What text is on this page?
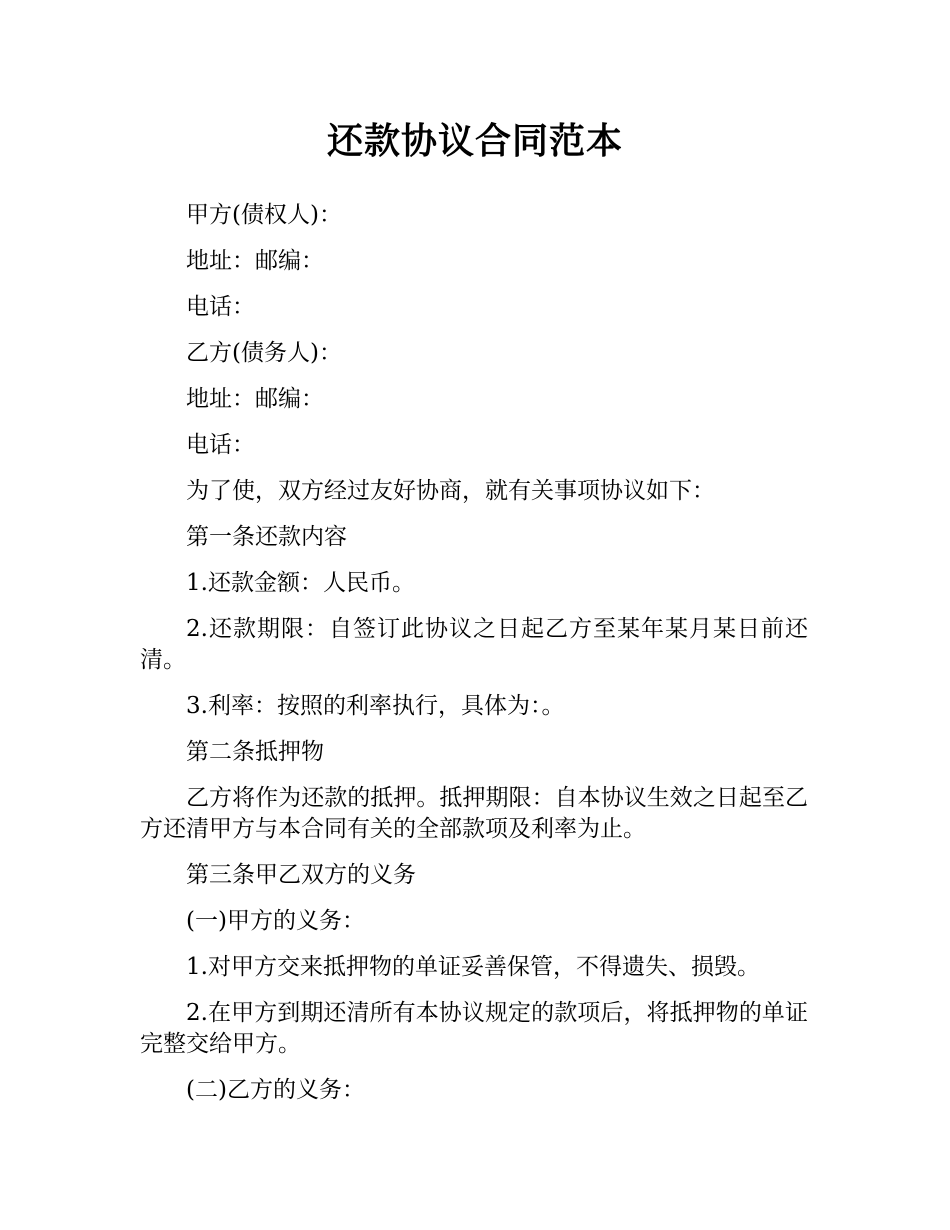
还款协议合同范本

甲方(债权人)：

地址：邮编：

电话：

乙方(债务人)：

地址：邮编：

电话：

为了使，双方经过友好协商，就有关事项协议如下：

第一条还款内容

1.还款金额：人民币。

2.还款期限：自签订此协议之日起乙方至某年某月某日前还清。

3.利率：按照的利率执行，具体为：。

第二条抵押物

乙方将作为还款的抵押。抵押期限：自本协议生效之日起至乙方还清甲方与本合同有关的全部款项及利率为止。

第三条甲乙双方的义务

(一)甲方的义务：

1.对甲方交来抵押物的单证妥善保管，不得遗失、损毁。

2.在甲方到期还清所有本协议规定的款项后，将抵押物的单证完整交给甲方。

(二)乙方的义务：
